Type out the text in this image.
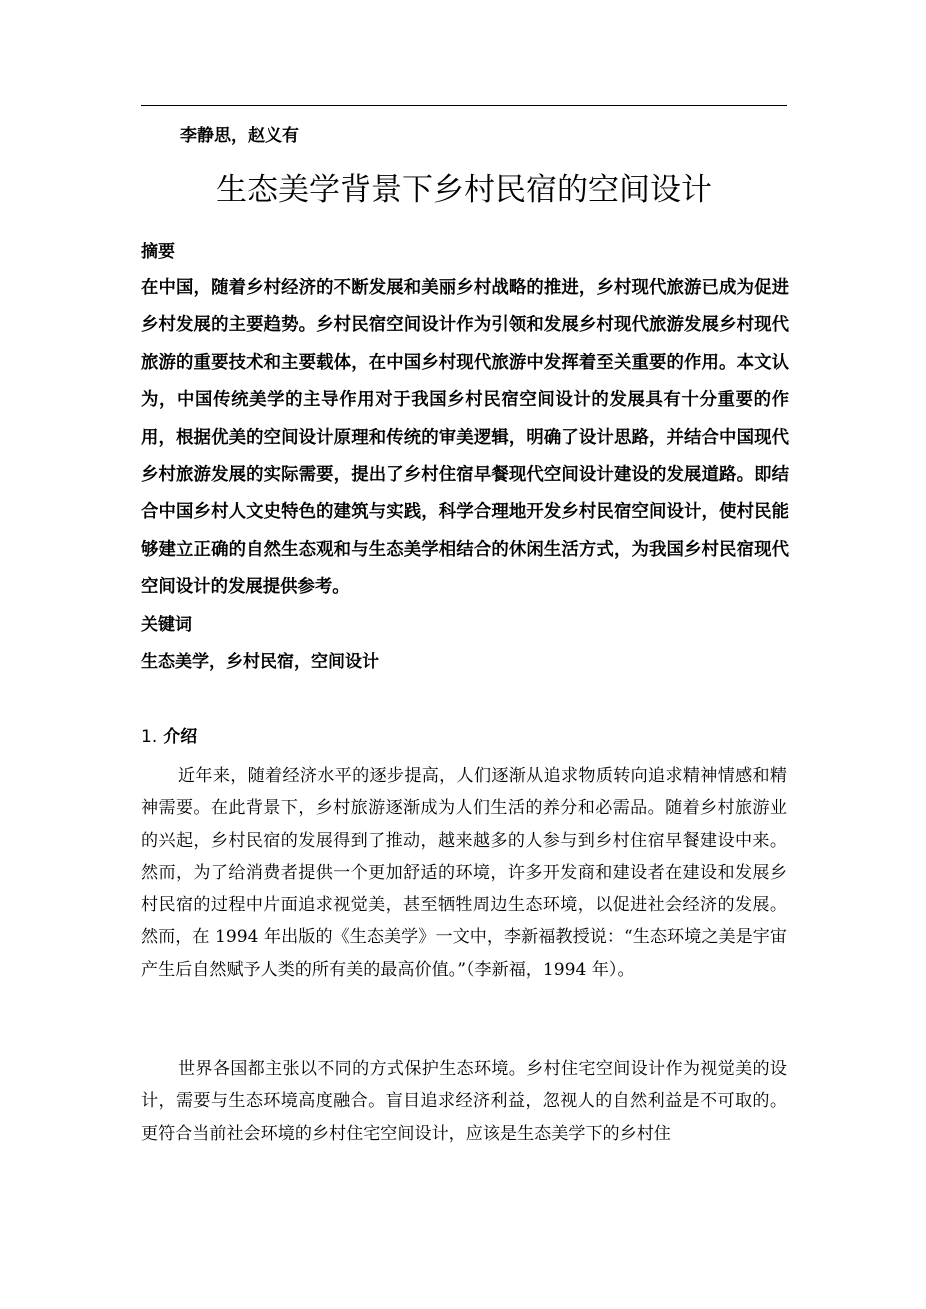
李静思，赵义有
生态美学背景下乡村民宿的空间设计
摘要

在中国，随着乡村经济的不断发展和美丽乡村战略的推进，乡村现代旅游已成为促进乡村发展的主要趋势。乡村民宿空间设计作为引领和发展乡村现代旅游发展乡村现代旅游的重要技术和主要载体，在中国乡村现代旅游中发挥着至关重要的作用。本文认为，中国传统美学的主导作用对于我国乡村民宿空间设计的发展具有十分重要的作用，根据优美的空间设计原理和传统的审美逻辑，明确了设计思路，并结合中国现代乡村旅游发展的实际需要，提出了乡村住宿早餐现代空间设计建设的发展道路。即结合中国乡村人文史特色的建筑与实践，科学合理地开发乡村民宿空间设计，使村民能够建立正确的自然生态观和与生态美学相结合的休闲生活方式，为我国乡村民宿现代空间设计的发展提供参考。

关键词
生态美学，乡村民宿，空间设计
1. 介绍

近年来，随着经济水平的逐步提高，人们逐渐从追求物质转向追求精神情感和精神需要。在此背景下，乡村旅游逐渐成为人们生活的养分和必需品。随着乡村旅游业的兴起，乡村民宿的发展得到了推动，越来越多的人参与到乡村住宿早餐建设中来。然而，为了给消费者提供一个更加舒适的环境，许多开发商和建设者在建设和发展乡村民宿的过程中片面追求视觉美，甚至牺牲周边生态环境，以促进社会经济的发展。然而，在 1994 年出版的《生态美学》一文中，李新福教授说：“生态环境之美是宇宙产生后自然赋予人类的所有美的最高价值。”（李新福，1994 年）。

世界各国都主张以不同的方式保护生态环境。乡村住宅空间设计作为视觉美的设计，需要与生态环境高度融合。盲目追求经济利益，忽视人的自然利益是不可取的。更符合当前社会环境的乡村住宅空间设计，应该是生态美学下的乡村住
